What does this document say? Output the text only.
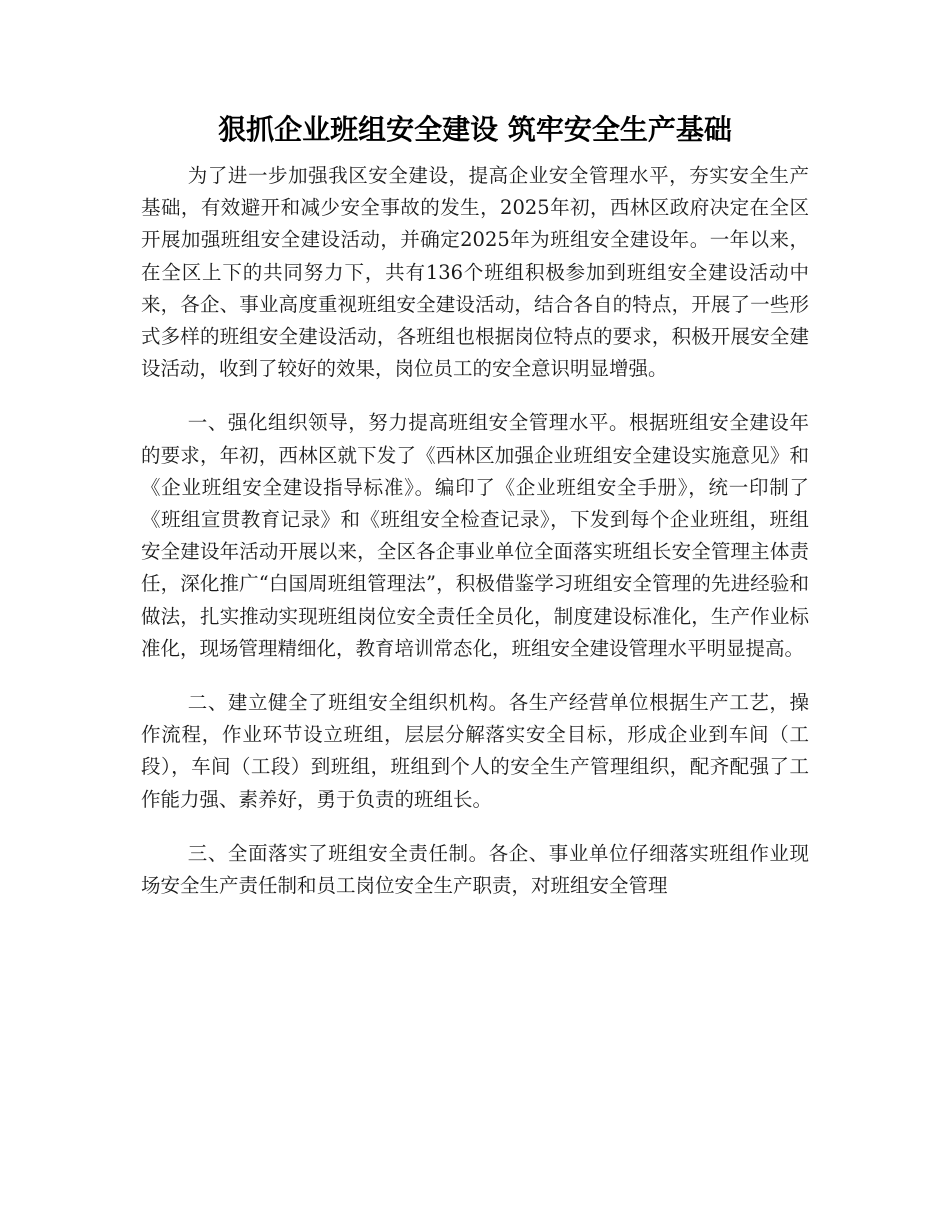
狠抓企业班组安全建设 筑牢安全生产基础

为了进一步加强我区安全建设，提高企业安全管理水平，夯实安全生产基础，有效避开和减少安全事故的发生，2025年初，西林区政府决定在全区开展加强班组安全建设活动，并确定2025年为班组安全建设年。一年以来，在全区上下的共同努力下，共有136个班组积极参加到班组安全建设活动中来，各企、事业高度重视班组安全建设活动，结合各自的特点，开展了一些形式多样的班组安全建设活动，各班组也根据岗位特点的要求，积极开展安全建设活动，收到了较好的效果，岗位员工的安全意识明显增强。

一、强化组织领导，努力提高班组安全管理水平。根据班组安全建设年的要求，年初，西林区就下发了《西林区加强企业班组安全建设实施意见》和《企业班组安全建设指导标准》。编印了《企业班组安全手册》，统一印制了《班组宣贯教育记录》和《班组安全检查记录》，下发到每个企业班组，班组安全建设年活动开展以来，全区各企事业单位全面落实班组长安全管理主体责任，深化推广“白国周班组管理法”，积极借鉴学习班组安全管理的先进经验和做法，扎实推动实现班组岗位安全责任全员化，制度建设标准化，生产作业标准化，现场管理精细化，教育培训常态化，班组安全建设管理水平明显提高。

二、建立健全了班组安全组织机构。各生产经营单位根据生产工艺，操作流程，作业环节设立班组，层层分解落实安全目标，形成企业到车间（工段），车间（工段）到班组，班组到个人的安全生产管理组织，配齐配强了工作能力强、素养好，勇于负责的班组长。

三、全面落实了班组安全责任制。各企、事业单位仔细落实班组作业现场安全生产责任制和员工岗位安全生产职责，对班组安全管理
